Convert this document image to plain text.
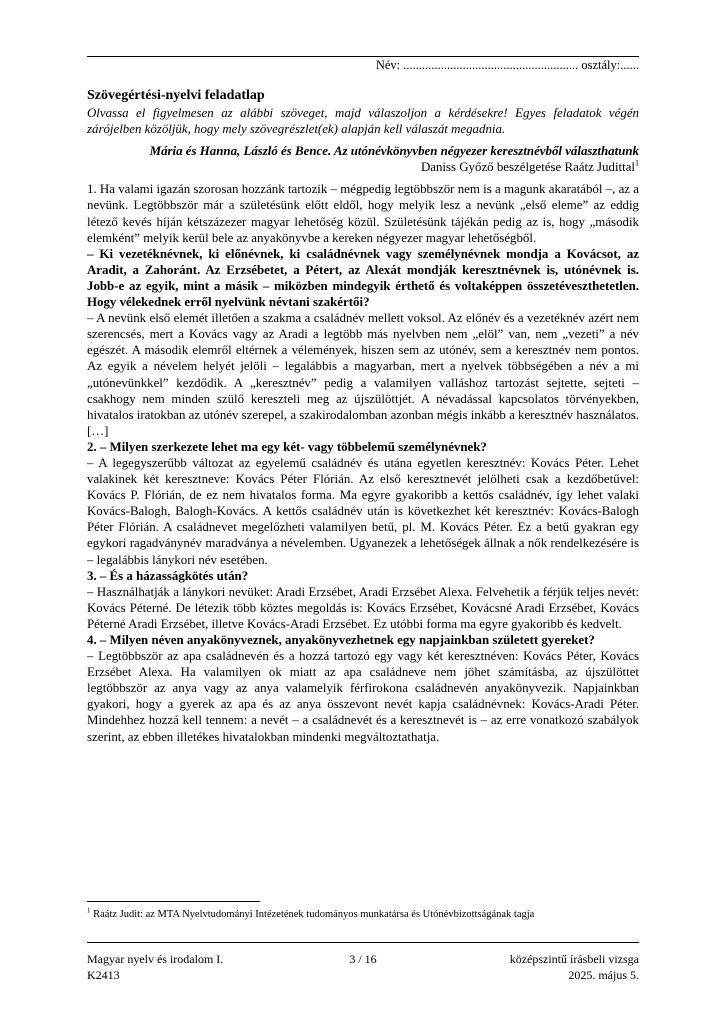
Név: ........................................................ osztály:......
Szövegértési-nyelvi feladatlap

Olvassa el figyelmesen az alábbi szöveget, majd válaszoljon a kérdésekre! Egyes feladatok végén zárójelben közöljük, hogy mely szövegrészlet(ek) alapján kell válaszát megadnia.

Mária és Hanna, László és Bence. Az utónévkönyvben négyezer keresztnévből választhatunk
Daniss Győző beszélgetése Raátz Judittal$^1$

1. Ha valami igazán szorosan hozzánk tartozik – mégpedig legtöbbször nem is a magunk akaratából –, az a nevünk. Legtöbbször már a születésünk előtt eldől, hogy melyik lesz a nevünk „első eleme” az eddig létező kevés híján kétszázezer magyar lehetőség közül. Születésünk tájékán pedig az is, hogy „második elemként” melyik kerül bele az anyakönyvbe a kereken négyezer magyar lehetőségből.

– Ki vezetéknévnek, ki előnévnek, ki családnévnek vagy személynévnek mondja a Kovácsot, az Aradit, a Zahoránt. Az Erzsébetet, a Pétert, az Alexát mondják keresztnévnek is, utónévnek is. Jobb-e az egyik, mint a másik – miközben mindegyik érthető és voltaképpen összetéveszthetetlen. Hogy vélekednek erről nyelvünk névtani szakértői?

– A nevünk első elemét illetően a szakma a családnév mellett voksol. Az előnév és a vezetéknév azért nem szerencsés, mert a Kovács vagy az Aradi a legtöbb más nyelvben nem „elöl” van, nem „vezeti” a név egészét. A második elemről eltérnek a vélemények, hiszen sem az utónév, sem a keresztnév nem pontos. Az egyik a névelem helyét jelöli – legalábbis a magyarban, mert a nyelvek többségében a név a mi „utónevünkkel” kezdődik. A „keresztnév” pedig a valamilyen valláshoz tartozást sejtette, sejteti – csakhogy nem minden szülő kereszteli meg az újszülöttjét. A névadással kapcsolatos törvényekben, hivatalos iratokban az utónév szerepel, a szakirodalomban azonban mégis inkább a keresztnév használatos. […]

2. – Milyen szerkezete lehet ma egy két- vagy többelemű személynévnek?

– A legegyszerűbb változat az egyelemű családnév és utána egyetlen keresztnév: Kovács Péter. Lehet valakinek két keresztneve: Kovács Péter Flórián. Az első keresztnevét jelölheti csak a kezdőbetűvel: Kovács P. Flórián, de ez nem hivatalos forma. Ma egyre gyakoribb a kettős családnév, így lehet valaki Kovács-Balogh, Balogh-Kovács. A kettős családnév után is következhet két keresztnév: Kovács-Balogh Péter Flórián. A családnevet megelőzheti valamilyen betű, pl. M. Kovács Péter. Ez a betű gyakran egy egykori ragadványnév maradványa a névelemben. Ugyanezek a lehetőségek állnak a nők rendelkezésére is – legalábbis lánykori név esetében.

3. – És a házasságkötés után?

– Használhatják a lánykori nevüket: Aradi Erzsébet, Aradi Erzsébet Alexa. Felvehetik a férjük teljes nevét: Kovács Péterné. De létezik több köztes megoldás is: Kovács Erzsébet, Kovácsné Aradi Erzsébet, Kovács Péterné Aradi Erzsébet, illetve Kovács-Aradi Erzsébet. Ez utóbbi forma ma egyre gyakoribb és kedvelt.

4. – Milyen néven anyakönyveznek, anyakönyvezhetnek egy napjainkban született gyereket?

– Legtöbbször az apa családnevén és a hozzá tartozó egy vagy két keresztnéven: Kovács Péter, Kovács Erzsébet Alexa. Ha valamilyen ok miatt az apa családneve nem jöhet számításba, az újszülöttet legtöbbször az anya vagy az anya valamelyik férfirokona családnevén anyakönyvezik. Napjainkban gyakori, hogy a gyerek az apa és az anya összevont nevét kapja családnévnek: Kovács-Aradi Péter. Mindehhez hozzá kell tennem: a nevét – a családnevét és a keresztnevét is – az erre vonatkozó szabályok szerint, az ebben illetékes hivatalokban mindenki megváltoztathatja.

$^1$ Raátz Judit: az MTA Nyelvtudományi Intézetének tudományos munkatársa és Utónévbizottságának tagja
3 / 16
Magyar nyelv és irodalom I.
K2413
középszintű írásbeli vizsga
2025. május 5.
